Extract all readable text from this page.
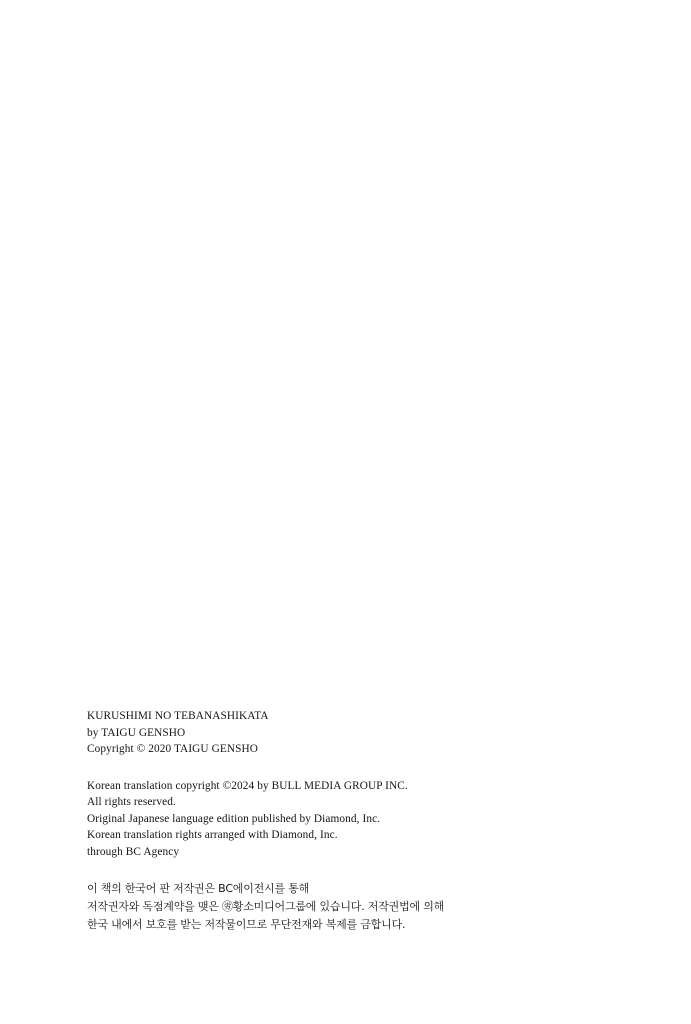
KURUSHIMI NO TEBANASHIKATA
by TAIGU GENSHO
Copyright © 2020 TAIGU GENSHO
Korean translation copyright ©2024 by BULL MEDIA GROUP INC.
All rights reserved.
Original Japanese language edition published by Diamond, Inc.
Korean translation rights arranged with Diamond, Inc.
through BC Agency
이 책의 한국어 판 저작권은 BC에이전시를 통해
저작권자와 독점계약을 맺은 ㊘황소미디어그룹에 있습니다. 저작권법에 의해
한국 내에서 보호를 받는 저작물이므로 무단전재와 복제를 금합니다.
